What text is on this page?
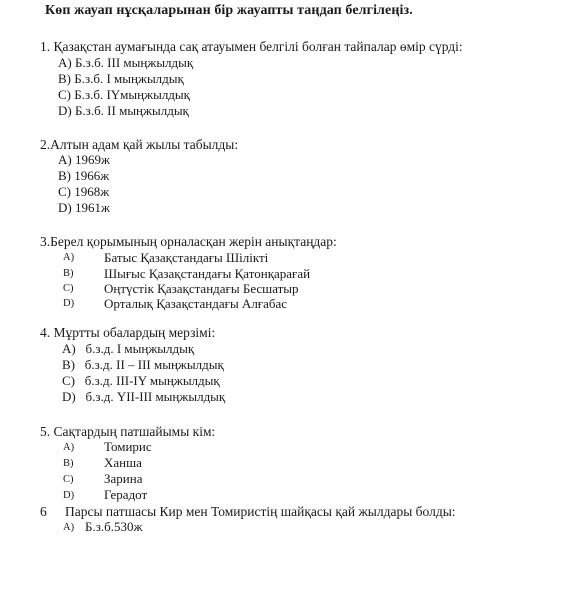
Көп жауап нұсқаларынан бір жауапты таңдап белгілеңіз.
1. Қазақстан аумағында сақ атауымен белгілі болған тайпалар өмір сүрді:
A) Б.з.б. III мыңжылдық
B) Б.з.б. I мыңжылдық
C) Б.з.б. IYмыңжылдық
D) Б.з.б. II мыңжылдық
2.Алтын адам қай жылы табылды:
A) 1969ж
B) 1966ж
C) 1968ж
D) 1961ж
3.Берел қорымының орналасқан жерін анықтаңдар:
A) Батыс Қазақстандағы Шілікті
B) Шығыс Қазақстандағы Қатонқарағай
C) Оңтүстік Қазақстандағы Бесшатыр
D) Орталық Қазақстандағы Алғабас
4. Мұртты обалардың мерзімі:
A)   б.з.д. I мыңжылдық
B)   б.з.д. II – III мыңжылдық
C)   б.з.д. III-IY мыңжылдық
D)   б.з.д. YII-III мыңжылдық
5. Сақтардың патшайымы кім:
A) Томирис
B) Ханша
C) Зарина
D) Герадот
6 Парсы патшасы Кир мен Томиристің шайқасы қай жылдары болды:
A) Б.з.б.530ж
